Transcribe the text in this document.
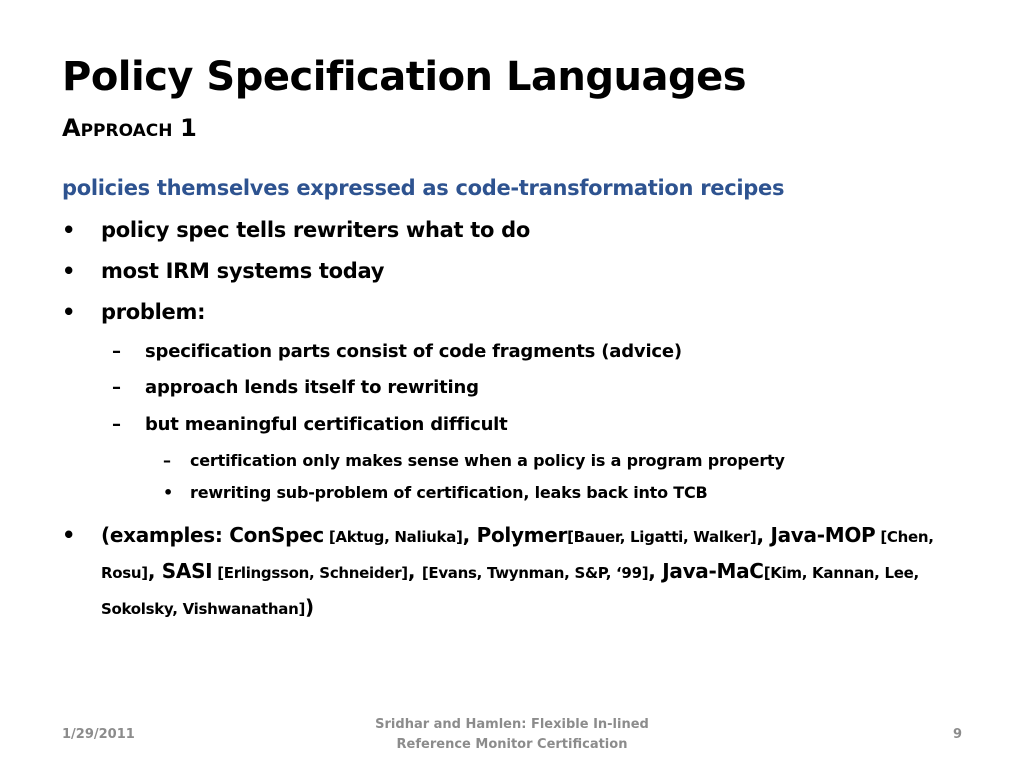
Policy Specification Languages
APPROACH 1
policies themselves expressed as code-transformation recipes
• policy spec tells rewriters what to do
• most IRM systems today
• problem:
– specification parts consist of code fragments (advice)
– approach lends itself to rewriting
– but meaningful certification difficult
– certification only makes sense when a policy is a program property
• rewriting sub-problem of certification, leaks back into TCB
• (examples: ConSpec [Aktug, Naliuka], Polymer[Bauer, Ligatti, Walker], Java-MOP [Chen, Rosu], SASI [Erlingsson, Schneider], [Evans, Twynman, S&P, ‘99], Java-MaC[Kim, Kannan, Lee, Sokolsky, Vishwanathan])
1/29/2011
Sridhar and Hamlen: Flexible In-lined
Reference Monitor Certification
9
